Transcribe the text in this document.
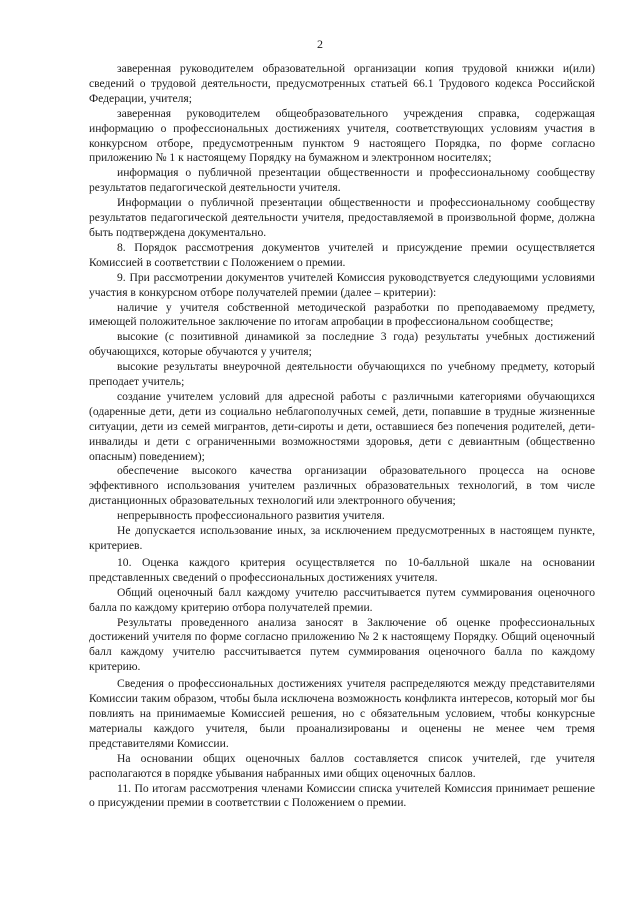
2

заверенная руководителем образовательной организации копия трудовой книжки и(или) сведений о трудовой деятельности, предусмотренных статьей 66.1 Трудового кодекса Российской Федерации, учителя;

заверенная руководителем общеобразовательного учреждения справка, содержащая информацию о профессиональных достижениях учителя, соответствующих условиям участия в конкурсном отборе, предусмотренным пунктом 9 настоящего Порядка, по форме согласно приложению № 1 к настоящему Порядку на бумажном и электронном носителях;

информация о публичной презентации общественности и профессиональному сообществу результатов педагогической деятельности учителя.

Информации о публичной презентации общественности и профессиональному сообществу результатов педагогической деятельности учителя, предоставляемой в произвольной форме, должна быть подтверждена документально.

8. Порядок рассмотрения документов учителей и присуждение премии осуществляется Комиссией в соответствии с Положением о премии.

9. При рассмотрении документов учителей Комиссия руководствуется следующими условиями участия в конкурсном отборе получателей премии (далее – критерии):

наличие у учителя собственной методической разработки по преподаваемому предмету, имеющей положительное заключение по итогам апробации в профессиональном сообществе;

высокие (с позитивной динамикой за последние 3 года) результаты учебных достижений обучающихся, которые обучаются у учителя;

высокие результаты внеурочной деятельности обучающихся по учебному предмету, который преподает учитель;

создание учителем условий для адресной работы с различными категориями обучающихся (одаренные дети, дети из социально неблагополучных семей, дети, попавшие в трудные жизненные ситуации, дети из семей мигрантов, дети-сироты и дети, оставшиеся без попечения родителей, дети-инвалиды и дети с ограниченными возможностями здоровья, дети с девиантным (общественно опасным) поведением);

обеспечение высокого качества организации образовательного процесса на основе эффективного использования учителем различных образовательных технологий, в том числе дистанционных образовательных технологий или электронного обучения;

непрерывность профессионального развития учителя.

Не допускается использование иных, за исключением предусмотренных в настоящем пункте, критериев.

10. Оценка каждого критерия осуществляется по 10-балльной шкале на основании представленных сведений о профессиональных достижениях учителя.

Общий оценочный балл каждому учителю рассчитывается путем суммирования оценочного балла по каждому критерию отбора получателей премии.

Результаты проведенного анализа заносят в Заключение об оценке профессиональных достижений учителя по форме согласно приложению № 2 к настоящему Порядку. Общий оценочный балл каждому учителю рассчитывается путем суммирования оценочного балла по каждому критерию.

Сведения о профессиональных достижениях учителя распределяются между представителями Комиссии таким образом, чтобы была исключена возможность конфликта интересов, который мог бы повлиять на принимаемые Комиссией решения, но с обязательным условием, чтобы конкурсные материалы каждого учителя, были проанализированы и оценены не менее чем тремя представителями Комиссии.

На основании общих оценочных баллов составляется список учителей, где учителя располагаются в порядке убывания набранных ими общих оценочных баллов.

11. По итогам рассмотрения членами Комиссии списка учителей Комиссия принимает решение о присуждении премии в соответствии с Положением о премии.
